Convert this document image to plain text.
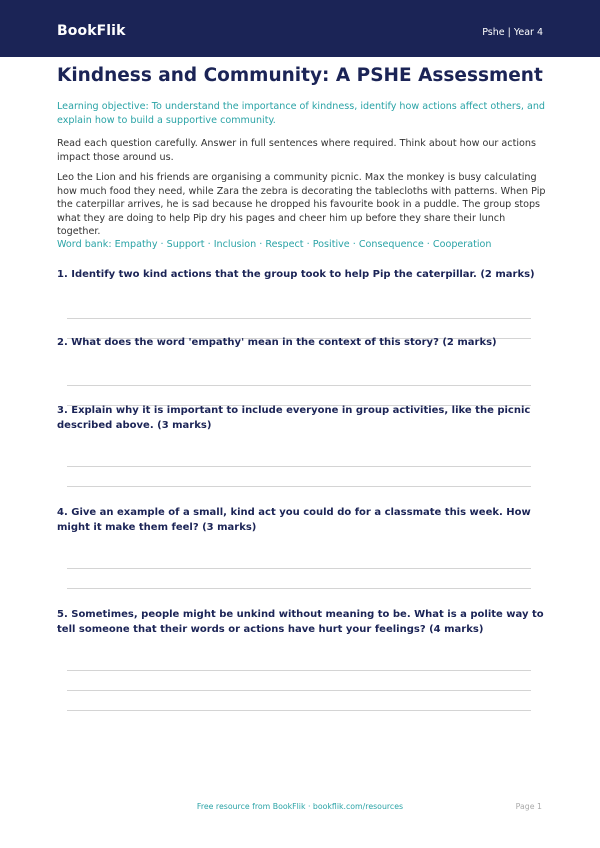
BookFlik	Pshe | Year 4
Kindness and Community: A PSHE Assessment

Learning objective: To understand the importance of kindness, identify how actions affect others, and explain how to build a supportive community.

Read each question carefully. Answer in full sentences where required. Think about how our actions impact those around us.

Leo the Lion and his friends are organising a community picnic. Max the monkey is busy calculating how much food they need, while Zara the zebra is decorating the tablecloths with patterns. When Pip the caterpillar arrives, he is sad because he dropped his favourite book in a puddle. The group stops what they are doing to help Pip dry his pages and cheer him up before they share their lunch together.

Word bank: Empathy · Support · Inclusion · Respect · Positive · Consequence · Cooperation

1. Identify two kind actions that the group took to help Pip the caterpillar. (2 marks)

2. What does the word 'empathy' mean in the context of this story? (2 marks)

3. Explain why it is important to include everyone in group activities, like the picnic described above. (3 marks)

4. Give an example of a small, kind act you could do for a classmate this week. How might it make them feel? (3 marks)

5. Sometimes, people might be unkind without meaning to be. What is a polite way to tell someone that their words or actions have hurt your feelings? (4 marks)

Free resource from BookFlik · bookflik.com/resources	Page 1
